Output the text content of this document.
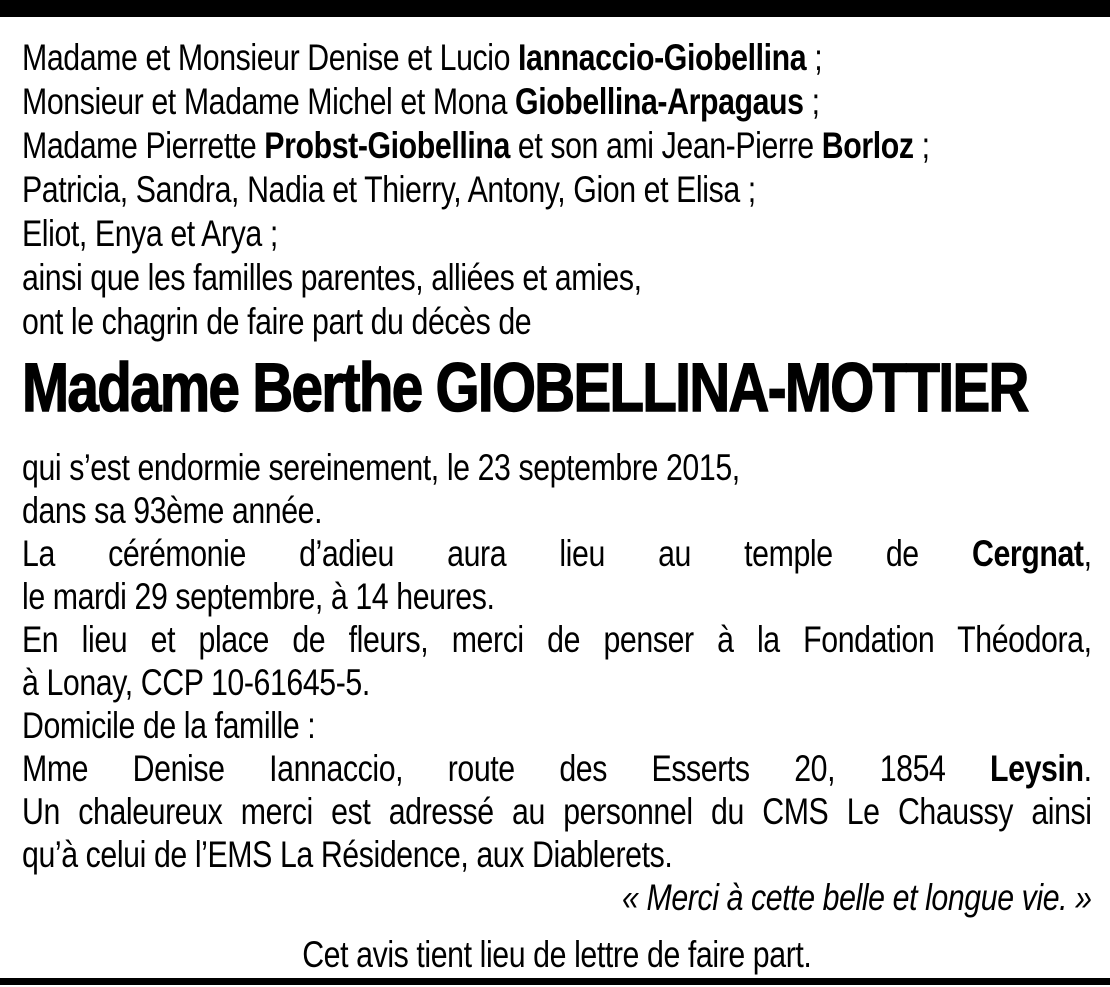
Madame et Monsieur Denise et Lucio Iannaccio-Giobellina ;
Monsieur et Madame Michel et Mona Giobellina-Arpagaus ;
Madame Pierrette Probst-Giobellina et son ami Jean-Pierre Borloz ;
Patricia, Sandra, Nadia et Thierry, Antony, Gion et Elisa ;
Eliot, Enya et Arya ;
ainsi que les familles parentes, alliées et amies,
ont le chagrin de faire part du décès de
Madame Berthe GIOBELLINA-MOTTIER
qui s’est endormie sereinement, le 23 septembre 2015,
dans sa 93ème année.
La cérémonie d’adieu aura lieu au temple de Cergnat,
le mardi 29 septembre, à 14 heures.
En lieu et place de fleurs, merci de penser à la Fondation Théodora,
à Lonay, CCP 10-61645-5.
Domicile de la famille :
Mme Denise Iannaccio, route des Esserts 20, 1854 Leysin.
Un chaleureux merci est adressé au personnel du CMS Le Chaussy ainsi
qu’à celui de l’EMS La Résidence, aux Diablerets.
« Merci à cette belle et longue vie. »
Cet avis tient lieu de lettre de faire part.
